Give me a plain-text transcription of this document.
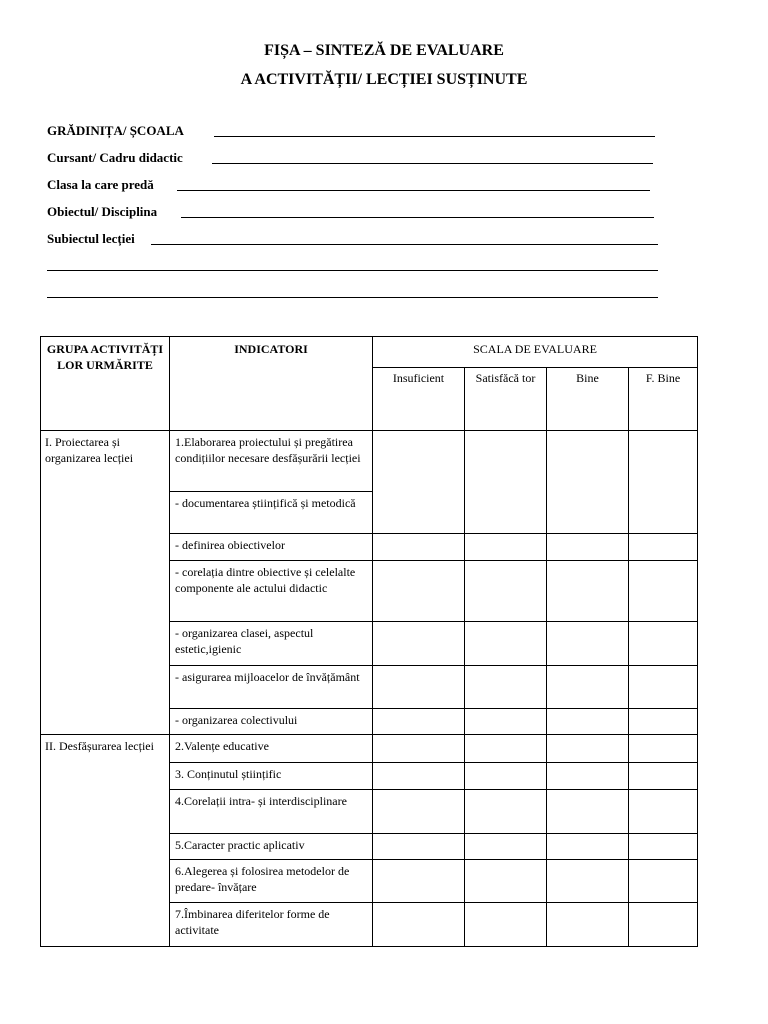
FIȘA – SINTEZĂ DE EVALUARE
A ACTIVITĂȚII/ LECȚIEI SUSȚINUTE
GRĂDINIȚA/ ȘCOALA
Cursant/ Cadru didactic
Clasa la care predă
Obiectul/ Disciplina
Subiectul lecției
GRUPA ACTIVITĂȚI LOR URMĂRITE	INDICATORI	SCALA DE EVALUARE			
		Insuficient	Satisfăcă tor	Bine	F. Bine
I. Proiectarea și organizarea lecției	1.Elaborarea proiectului și pregătirea condițiilor necesare desfășurării lecției				
	- documentarea științifică și metodică				
	- definirea obiectivelor				
	- corelația dintre obiective și celelalte componente ale actului didactic				
	- organizarea clasei, aspectul estetic,igienic				
	- asigurarea mijloacelor de învățământ				
	- organizarea colectivului				
II. Desfășurarea lecției	2.Valențe educative				
	3. Conținutul științific				
	4.Corelații intra- și interdisciplinare				
	5.Caracter practic aplicativ				
	6.Alegerea și folosirea metodelor de predare- învățare				
	7.Îmbinarea diferitelor forme de activitate				
